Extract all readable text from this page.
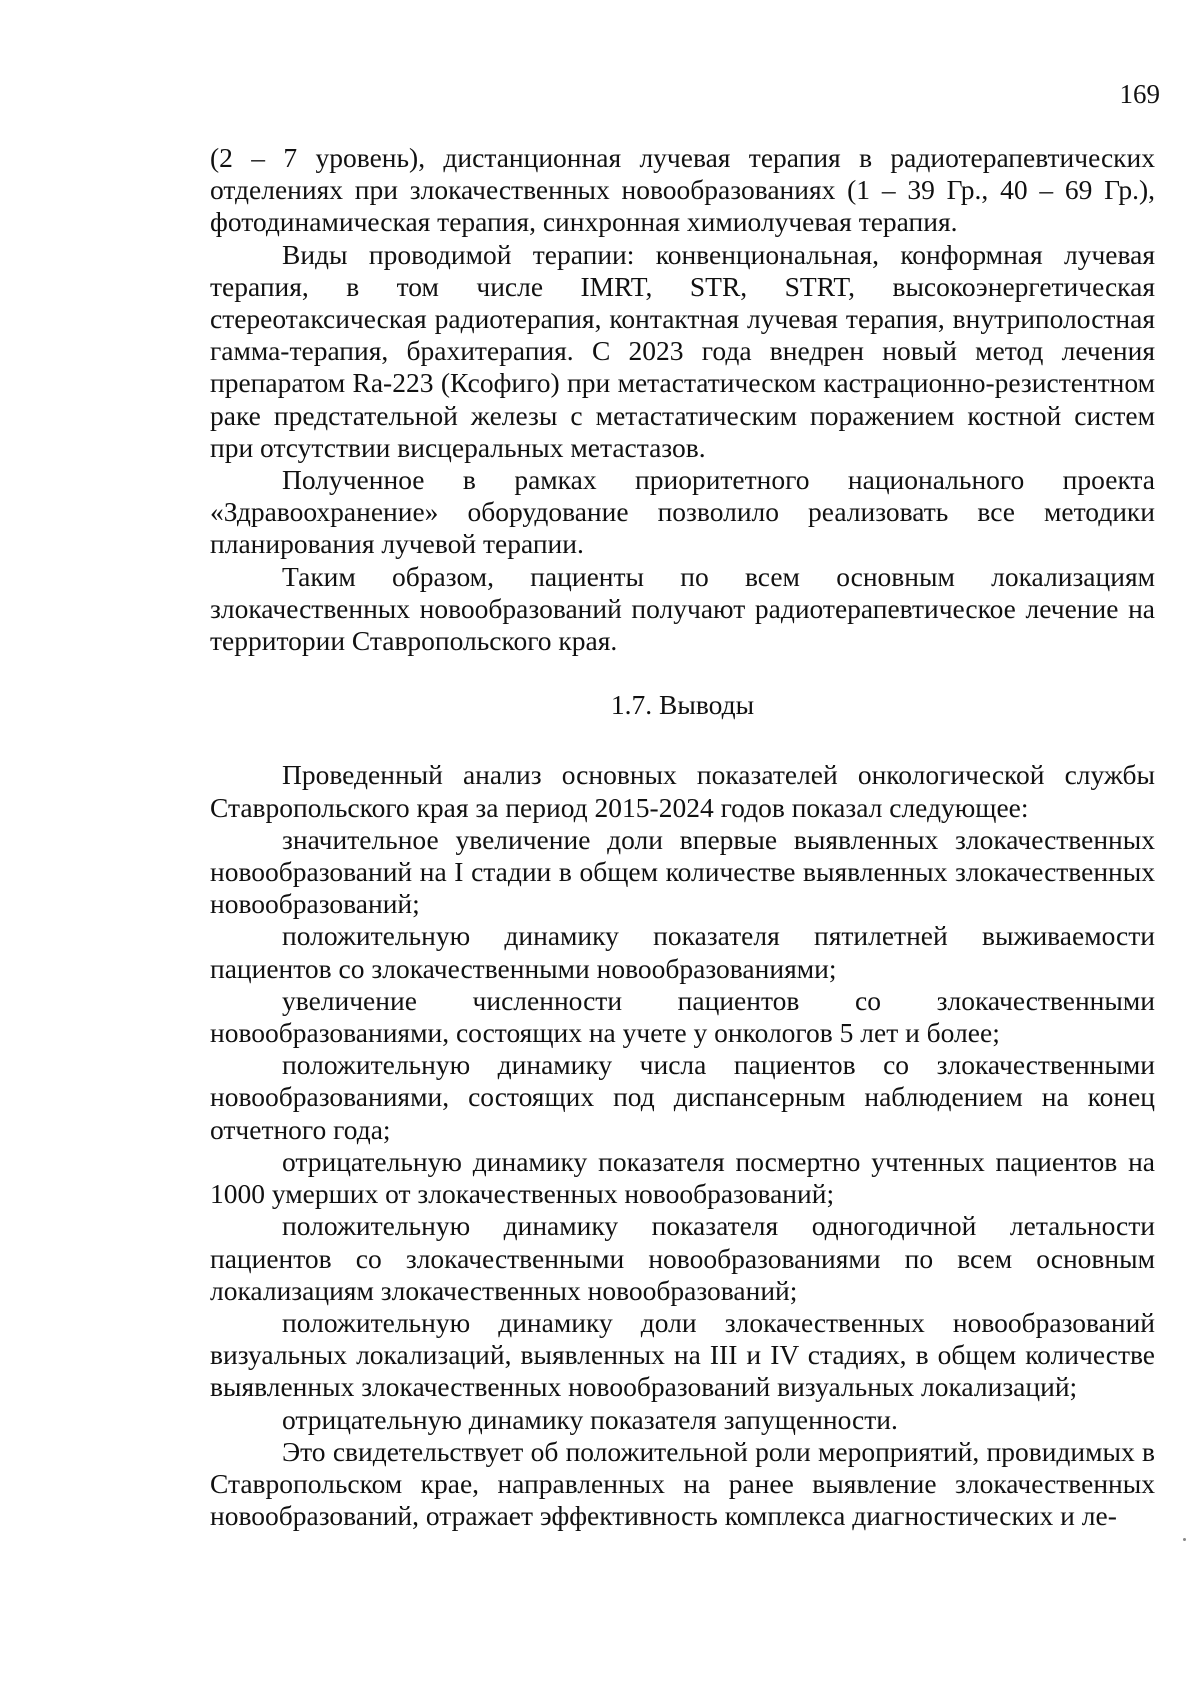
169

(2 – 7 уровень), дистанционная лучевая терапия в радиотерапевтических отделениях при злокачественных новообразованиях (1 – 39 Гр., 40 – 69 Гр.), фотодинамическая терапия, синхронная химиолучевая терапия.

Виды проводимой терапии: конвенциональная, конформная лучевая терапия, в том числе IMRT, STR, STRT, высокоэнергетическая стереотаксическая радиотерапия, контактная лучевая терапия, внутриполостная гамма-терапия, брахитерапия. С 2023 года внедрен новый метод лечения препаратом Ra-223 (Ксофиго) при метастатическом кастрационно-резистентном раке предстательной железы с метастатическим поражением костной систем при отсутствии висцеральных метастазов.

Полученное в рамках приоритетного национального проекта «Здравоохранение» оборудование позволило реализовать все методики планирования лучевой терапии.

Таким образом, пациенты по всем основным локализациям злокачественных новообразований получают радиотерапевтическое лечение на территории Ставропольского края.

1.7. Выводы

Проведенный анализ основных показателей онкологической службы Ставропольского края за период 2015-2024 годов показал следующее:

значительное увеличение доли впервые выявленных злокачественных новообразований на I стадии в общем количестве выявленных злокачественных новообразований;

положительную динамику показателя пятилетней выживаемости пациентов со злокачественными новообразованиями;

увеличение численности пациентов со злокачественными новообразованиями, состоящих на учете у онкологов 5 лет и более;

положительную динамику числа пациентов со злокачественными новообразованиями, состоящих под диспансерным наблюдением на конец отчетного года;

отрицательную динамику показателя посмертно учтенных пациентов на 1000 умерших от злокачественных новообразований;

положительную динамику показателя одногодичной летальности пациентов со злокачественными новообразованиями по всем основным локализациям злокачественных новообразований;

положительную динамику доли злокачественных новообразований визуальных локализаций, выявленных на III и IV стадиях, в общем количестве выявленных злокачественных новообразований визуальных локализаций;

отрицательную динамику показателя запущенности.

Это свидетельствует об положительной роли мероприятий, провидимых в Ставропольском крае, направленных на ранее выявление злокачественных новообразований, отражает эффективность комплекса диагностических и ле-
